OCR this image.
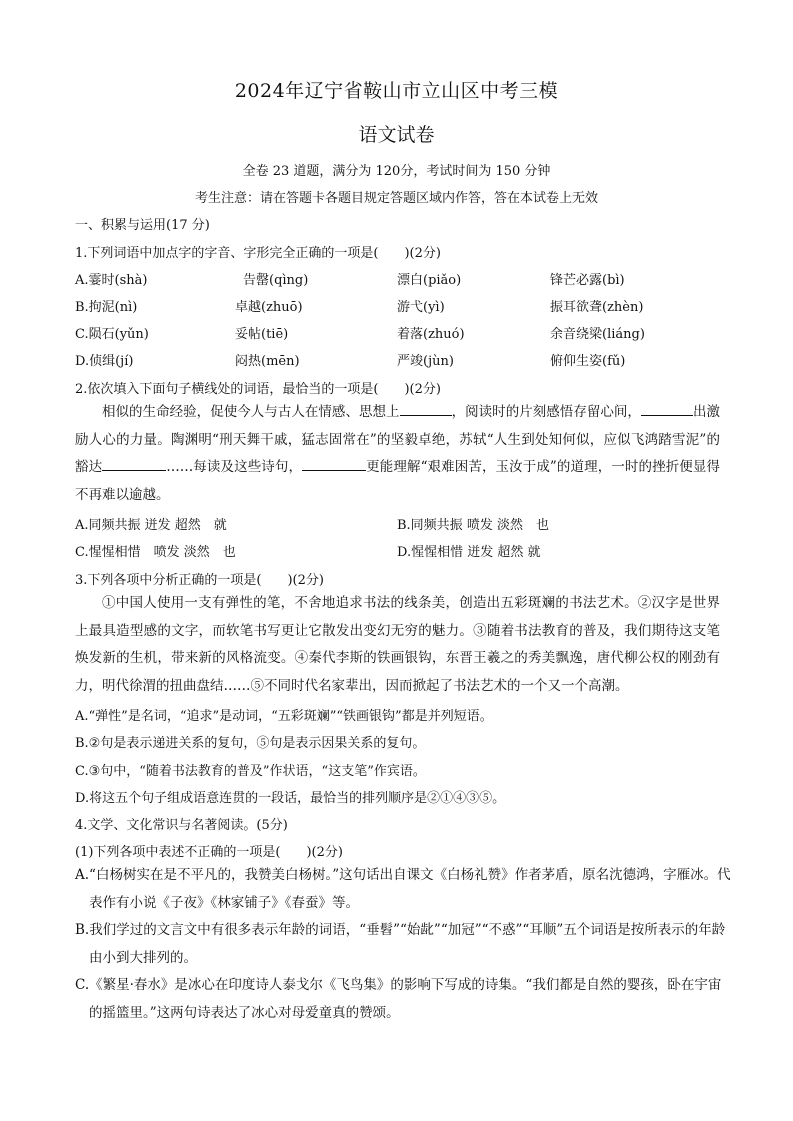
2024年辽宁省鞍山市立山区中考三模
语文试卷
全卷 23 道题，满分为 120分，考试时间为 150 分钟
考生注意：请在答题卡各题目规定答题区域内作答，答在本试卷上无效
一、积累与运用(17 分)
1.下列词语中加点字的字音、字形完全正确的一项是(　　)(2分)
A.霎时(shà)	告罄(qìng)	漂白(piǎo)	锋芒必露(bì)
B.拘泥(nì)	卓越(zhuō)	游弋(yì)	振耳欲聋(zhèn)
C.陨石(yǔn)	妥帖(tiē)	着落(zhuó)	余音绕梁(liáng)
D.侦缉(jí)	闷热(mēn)	严竣(jùn)	俯仰生姿(fǔ)
2.依次填入下面句子横线处的词语，最恰当的一项是(　　)(2分)
相似的生命经验，促使今人与古人在情感、思想上	，阅读时的片刻感悟存留心间，	出激励人心的力量。陶渊明“刑天舞干戚，猛志固常在”的坚毅卓绝，苏轼“人生到处知何似，应似飞鸿踏雪泥”的豁达	……每读及这些诗句，	更能理解“艰难困苦，玉汝于成”的道理，一时的挫折便显得不再难以逾越。
A.同频共振 迸发 超然　就	B.同频共振 喷发 淡然　也
C.惺惺相惜　喷发 淡然　也	D.惺惺相惜 迸发 超然 就
3.下列各项中分析正确的一项是(　　)(2分)
①中国人使用一支有弹性的笔，不舍地追求书法的线条美，创造出五彩斑斓的书法艺术。②汉字是世界上最具造型感的文字，而软笔书写更让它散发出变幻无穷的魅力。③随着书法教育的普及，我们期待这支笔焕发新的生机，带来新的风格流变。④秦代李斯的铁画银钩，东晋王羲之的秀美飘逸，唐代柳公权的刚劲有力，明代徐渭的扭曲盘结……⑤不同时代名家辈出，因而掀起了书法艺术的一个又一个高潮。
A.“弹性”是名词，“追求”是动词，“五彩斑斓”“铁画银钩”都是并列短语。
B.②句是表示递进关系的复句，⑤句是表示因果关系的复句。
C.③句中，“随着书法教育的普及”作状语，“这支笔”作宾语。
D.将这五个句子组成语意连贯的一段话，最恰当的排列顺序是②①④③⑤。
4.文学、文化常识与名著阅读。(5分)
(1)下列各项中表述不正确的一项是(　　)(2分)
A.“白杨树实在是不平凡的，我赞美白杨树。”这句话出自课文《白杨礼赞》作者茅盾，原名沈德鸿，字雁冰。代表作有小说《子夜》《林家铺子》《春蚕》等。
B.我们学过的文言文中有很多表示年龄的词语，“垂髫”“始龀”“加冠”“不惑”“耳顺”五个词语是按所表示的年龄由小到大排列的。
C.《繁星·春水》是冰心在印度诗人泰戈尔《飞鸟集》的影响下写成的诗集。“我们都是自然的婴孩，卧在宇宙的摇篮里。”这两句诗表达了冰心对母爱童真的赞颂。
